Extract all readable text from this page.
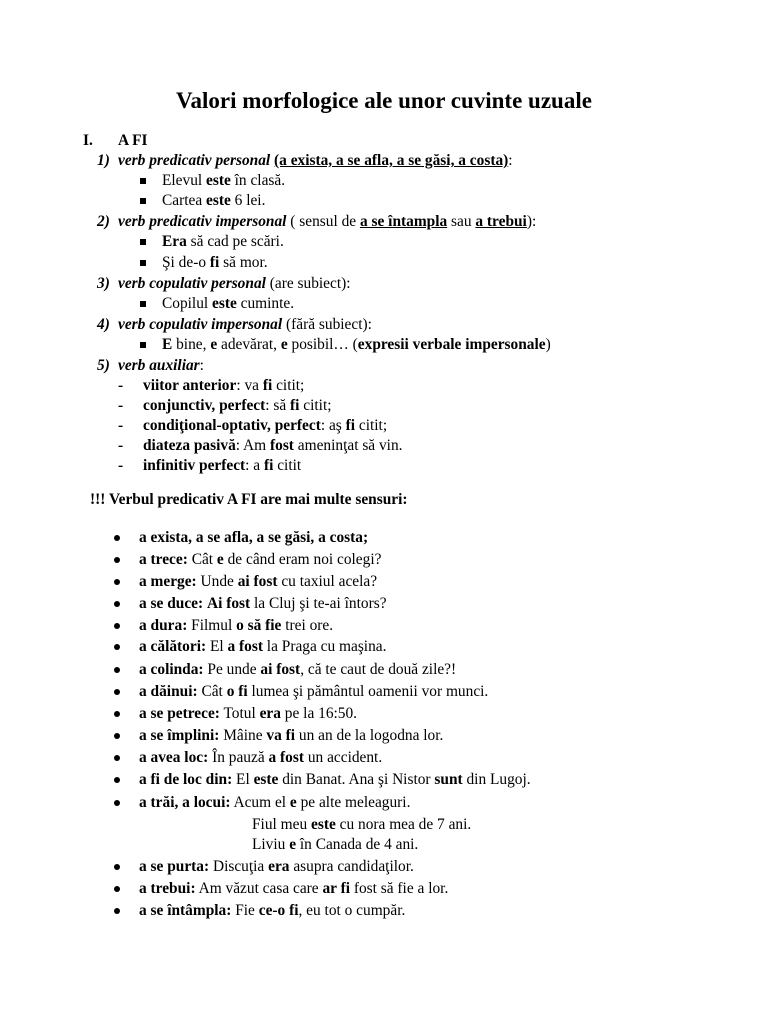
Valori morfologice ale unor cuvinte uzuale
I. A FI
1) verb predicativ personal (a exista, a se afla, a se găsi, a costa):
Elevul este în clasă.
Cartea este 6 lei.
2) verb predicativ impersonal ( sensul de a se întampla sau a trebui):
Era să cad pe scări.
Şi de-o fi să mor.
3) verb copulativ personal (are subiect):
Copilul este cuminte.
4) verb copulativ impersonal (fără subiect):
E bine, e adevărat, e posibil… (expresii verbale impersonale)
5) verb auxiliar:
- viitor anterior: va fi citit;
- conjunctiv, perfect: să fi citit;
- condiţional-optativ, perfect: aş fi citit;
- diateza pasivă: Am fost ameninţat să vin.
- infinitiv perfect: a fi citit
!!! Verbul predicativ A FI are mai multe sensuri:
a exista, a se afla, a se găsi, a costa;
a trece: Cât e de când eram noi colegi?
a merge: Unde ai fost cu taxiul acela?
a se duce: Ai fost la Cluj şi te-ai întors?
a dura: Filmul o să fie trei ore.
a călători: El a fost la Praga cu maşina.
a colinda: Pe unde ai fost, că te caut de două zile?!
a dăinui: Cât o fi lumea şi pământul oamenii vor munci.
a se petrece: Totul era pe la 16:50.
a se împlini: Mâine va fi un an de la logodna lor.
a avea loc: În pauză a fost un accident.
a fi de loc din: El este din Banat. Ana şi Nistor sunt din Lugoj.
a trăi, a locui: Acum el e pe alte meleaguri.
Fiul meu este cu nora mea de 7 ani.
Liviu e în Canada de 4 ani.
a se purta: Discuţia era asupra candidaţilor.
a trebui: Am văzut casa care ar fi fost să fie a lor.
a se întâmpla: Fie ce-o fi, eu tot o cumpăr.
